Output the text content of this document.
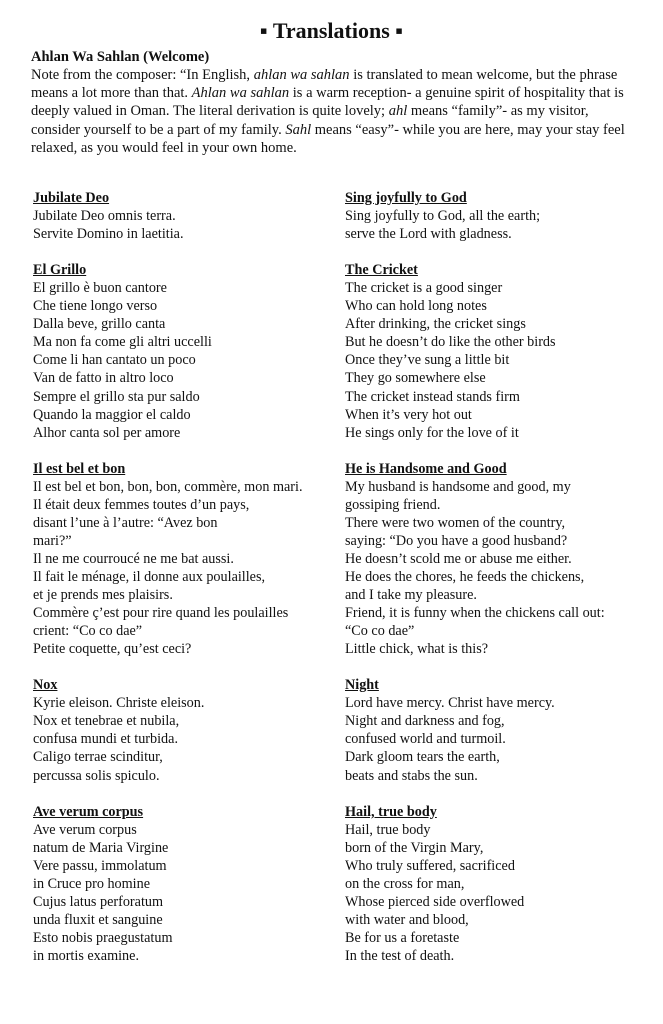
▪ Translations ▪
Ahlan Wa Sahlan (Welcome)

Note from the composer: “In English, ahlan wa sahlan is translated to mean welcome, but the phrase means a lot more than that. Ahlan wa sahlan is a warm reception- a genuine spirit of hospitality that is deeply valued in Oman. The literal derivation is quite lovely; ahl means “family”- as my visitor, consider yourself to be a part of my family. Sahl means “easy”- while you are here, may your stay feel relaxed, as you would feel in your own home.

Jubilate Deo
Jubilate Deo omnis terra.
Servite Domino in laetitia.
El Grillo
El grillo è buon cantore
Che tiene longo verso
Dalla beve, grillo canta
Ma non fa come gli altri uccelli
Come li han cantato un poco
Van de fatto in altro loco
Sempre el grillo sta pur saldo
Quando la maggior el caldo
Alhor canta sol per amore
Il est bel et bon
Il est bel et bon, bon, bon, commère, mon mari.
Il était deux femmes toutes d’un pays,
disant l’une à l’autre: “Avez bon
mari?”
Il ne me courroucé ne me bat aussi.
Il fait le ménage, il donne aux poulailles,
et je prends mes plaisirs.
Commère ç’est pour rire quand les poulailles
crient: “Co co dae”
Petite coquette, qu’est ceci?
Nox
Kyrie eleison. Christe eleison.
Nox et tenebrae et nubila,
confusa mundi et turbida.
Caligo terrae scinditur,
percussa solis spiculo.
Ave verum corpus
Ave verum corpus
natum de Maria Virgine
Vere passu, immolatum
in Cruce pro homine
Cujus latus perforatum
unda fluxit et sanguine
Esto nobis praegustatum
in mortis examine.
Sing joyfully to God
Sing joyfully to God, all the earth;
serve the Lord with gladness.
The Cricket
The cricket is a good singer
Who can hold long notes
After drinking, the cricket sings
But he doesn’t do like the other birds
Once they’ve sung a little bit
They go somewhere else
The cricket instead stands firm
When it’s very hot out
He sings only for the love of it
He is Handsome and Good
My husband is handsome and good, my
gossiping friend.
There were two women of the country,
saying: “Do you have a good husband?
He doesn’t scold me or abuse me either.
He does the chores, he feeds the chickens,
and I take my pleasure.
Friend, it is funny when the chickens call out:
“Co co dae”
Little chick, what is this?
Night
Lord have mercy. Christ have mercy.
Night and darkness and fog,
confused world and turmoil.
Dark gloom tears the earth,
beats and stabs the sun.
Hail, true body
Hail, true body
born of the Virgin Mary,
Who truly suffered, sacrificed
on the cross for man,
Whose pierced side overflowed
with water and blood,
Be for us a foretaste
In the test of death.
